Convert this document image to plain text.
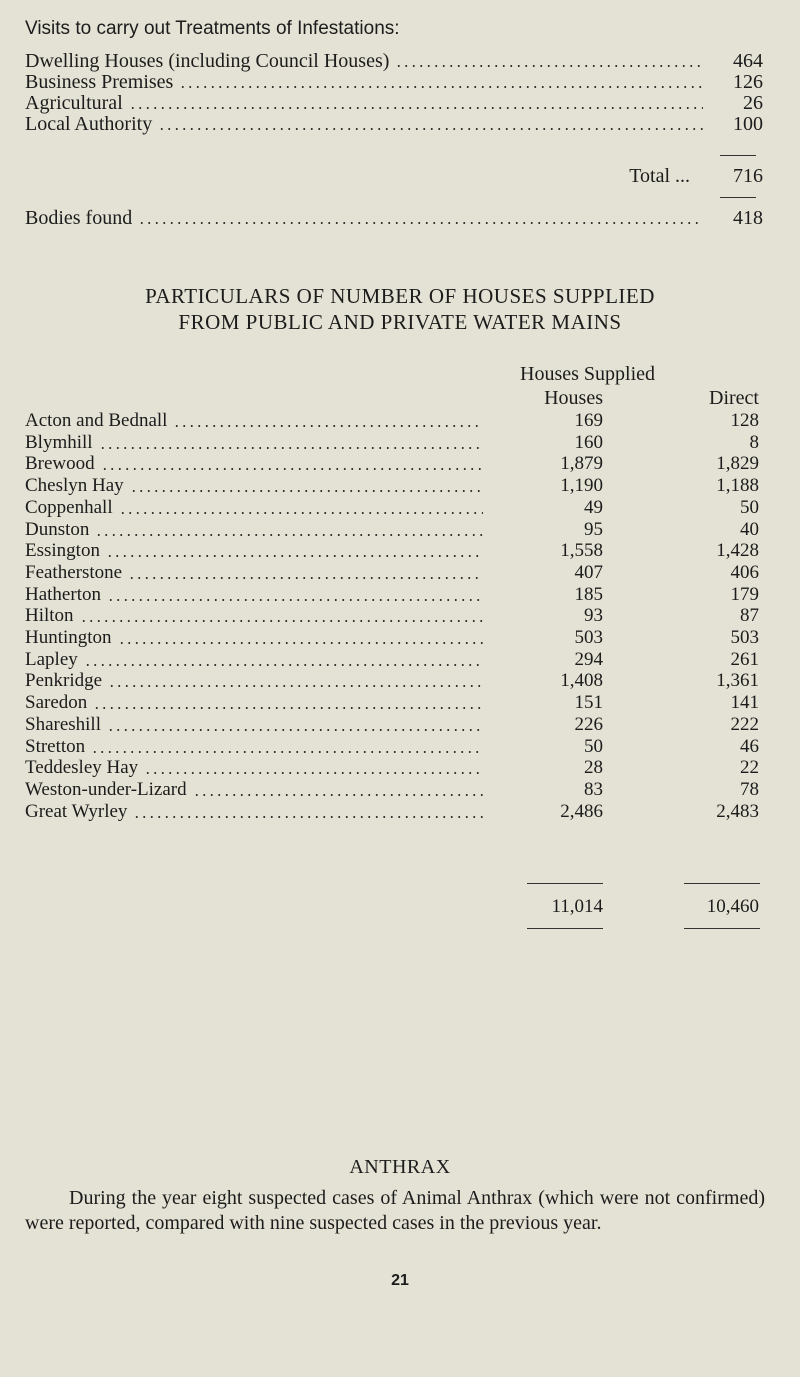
Visits to carry out Treatments of Infestations:
Dwelling Houses (including Council Houses)	464
Business Premises	126
Agricultural	26
Local Authority	100
Total ...	716
Bodies found	418
PARTICULARS OF NUMBER OF HOUSES SUPPLIED
FROM PUBLIC AND PRIVATE WATER MAINS
Houses Supplied
Houses	Direct
Acton and Bednall	169	128
Blymhill	160	8
Brewood	1,879	1,829
Cheslyn Hay	1,190	1,188
Coppenhall	49	50
Dunston	95	40
Essington	1,558	1,428
Featherstone	407	406
Hatherton	185	179
Hilton	93	87
Huntington	503	503
Lapley	294	261
Penkridge	1,408	1,361
Saredon	151	141
Shareshill	226	222
Stretton	50	46
Teddesley Hay	28	22
Weston-under-Lizard	83	78
Great Wyrley	2,486	2,483
11,014	10,460
ANTHRAX
During the year eight suspected cases of Animal Anthrax (which were not confirmed) were reported, compared with nine suspected cases in the previous year.
21
